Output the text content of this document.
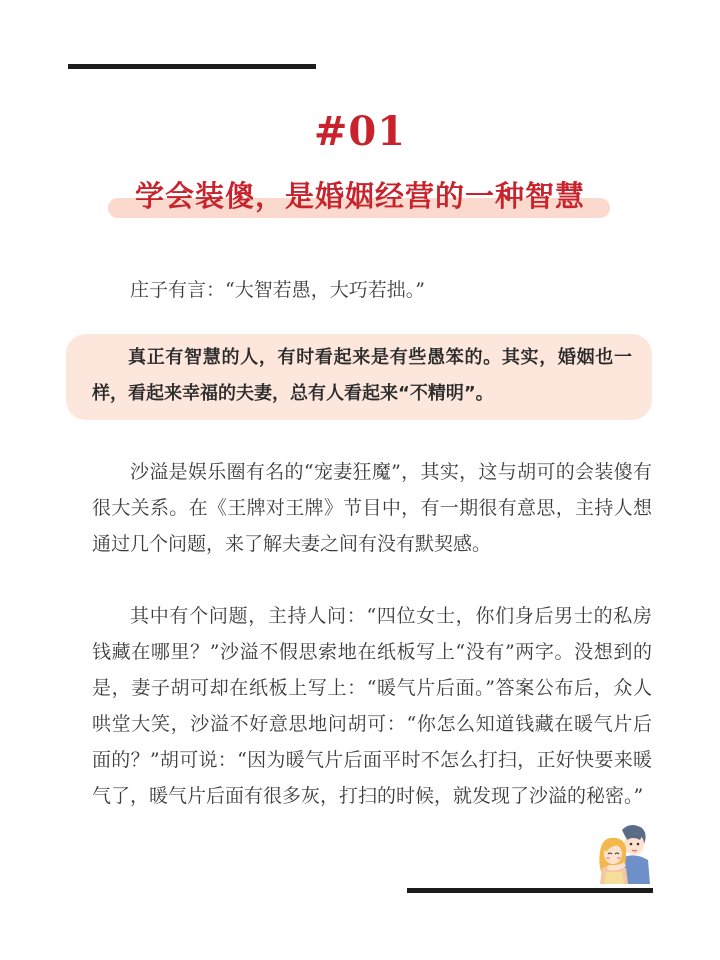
#01
学会装傻，是婚姻经营的一种智慧

庄子有言：“大智若愚，大巧若拙。”

真正有智慧的人，有时看起来是有些愚笨的。其实，婚姻也一样，看起来幸福的夫妻，总有人看起来“不精明”。

沙溢是娱乐圈有名的“宠妻狂魔”，其实，这与胡可的会装傻有很大关系。在《王牌对王牌》节目中，有一期很有意思，主持人想通过几个问题，来了解夫妻之间有没有默契感。

其中有个问题，主持人问：“四位女士，你们身后男士的私房钱藏在哪里？”沙溢不假思索地在纸板写上“没有”两字。没想到的是，妻子胡可却在纸板上写上：“暖气片后面。”答案公布后，众人哄堂大笑，沙溢不好意思地问胡可：“你怎么知道钱藏在暖气片后面的？”胡可说：“因为暖气片后面平时不怎么打扫，正好快要来暖气了，暖气片后面有很多灰，打扫的时候，就发现了沙溢的秘密。”
